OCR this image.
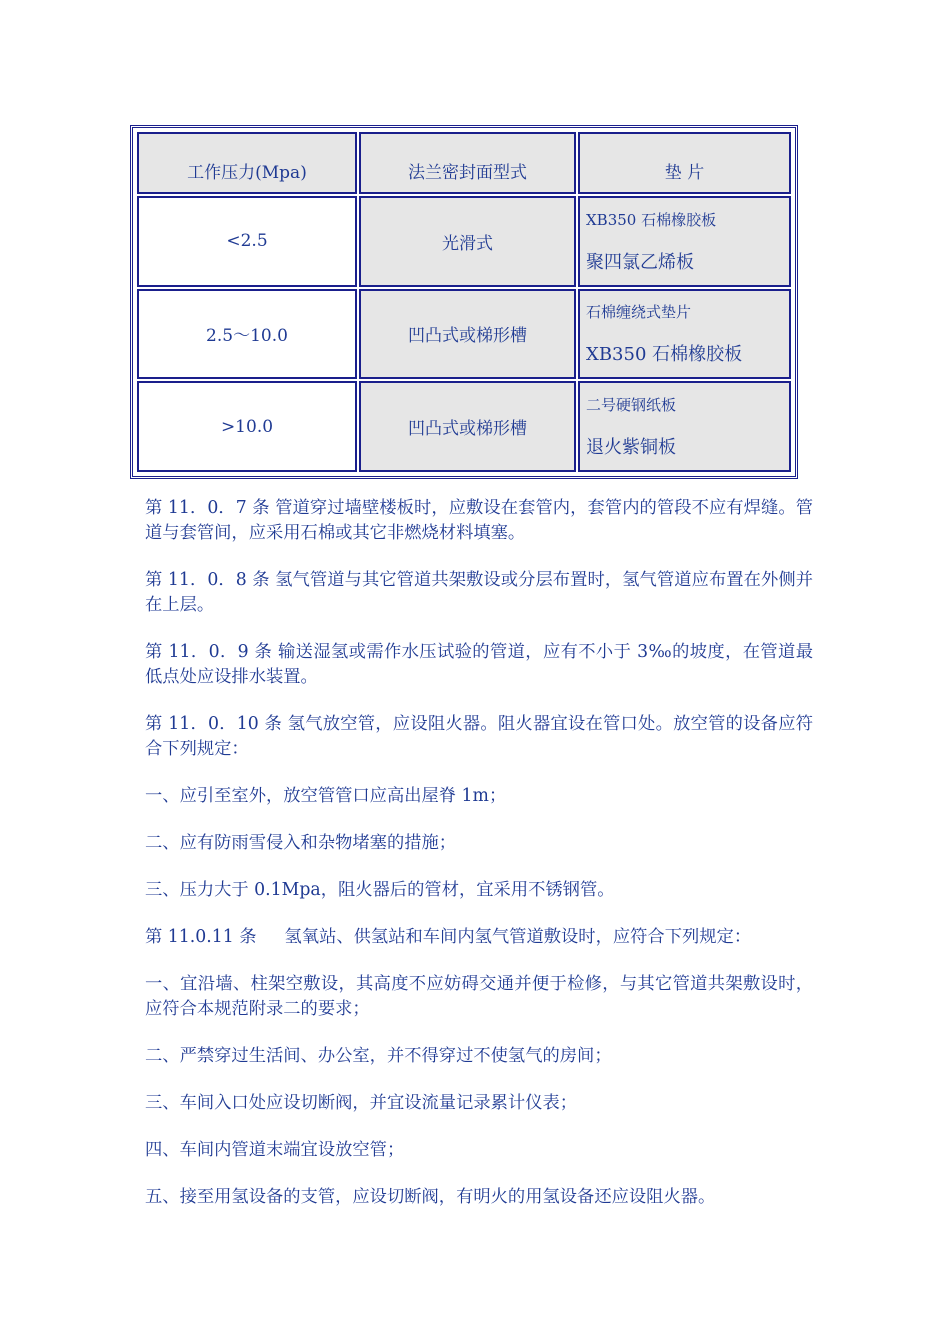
工作压力(Mpa)	法兰密封面型式	垫 片

<2.5	光滑式	XB350 石棉橡胶板
聚四氯乙烯板

2.5～10.0	凹凸式或梯形槽	石棉缠绕式垫片
XB350 石棉橡胶板

>10.0	凹凸式或梯形槽	二号硬钢纸板
退火紫铜板

第 11．0．7 条 管道穿过墙壁楼板时，应敷设在套管内，套管内的管段不应有焊缝。管道与套管间，应采用石棉或其它非燃烧材料填塞。

第 11．0．8 条 氢气管道与其它管道共架敷设或分层布置时，氢气管道应布置在外侧并在上层。

第 11．0．9 条 输送湿氢或需作水压试验的管道，应有不小于 3‰的坡度，在管道最低点处应设排水装置。

第 11．0．10 条 氢气放空管，应设阻火器。阻火器宜设在管口处。放空管的设备应符合下列规定：

一、应引至室外，放空管管口应高出屋脊 1m；

二、应有防雨雪侵入和杂物堵塞的措施；

三、压力大于 0.1Mpa，阻火器后的管材，宜采用不锈钢管。

第 11.0.11 条 氢氧站、供氢站和车间内氢气管道敷设时，应符合下列规定：

一、宜沿墙、柱架空敷设，其高度不应妨碍交通并便于检修，与其它管道共架敷设时，应符合本规范附录二的要求；

二、严禁穿过生活间、办公室，并不得穿过不使氢气的房间；

三、车间入口处应设切断阀，并宜设流量记录累计仪表；

四、车间内管道末端宜设放空管；

五、接至用氢设备的支管，应设切断阀，有明火的用氢设备还应设阻火器。
